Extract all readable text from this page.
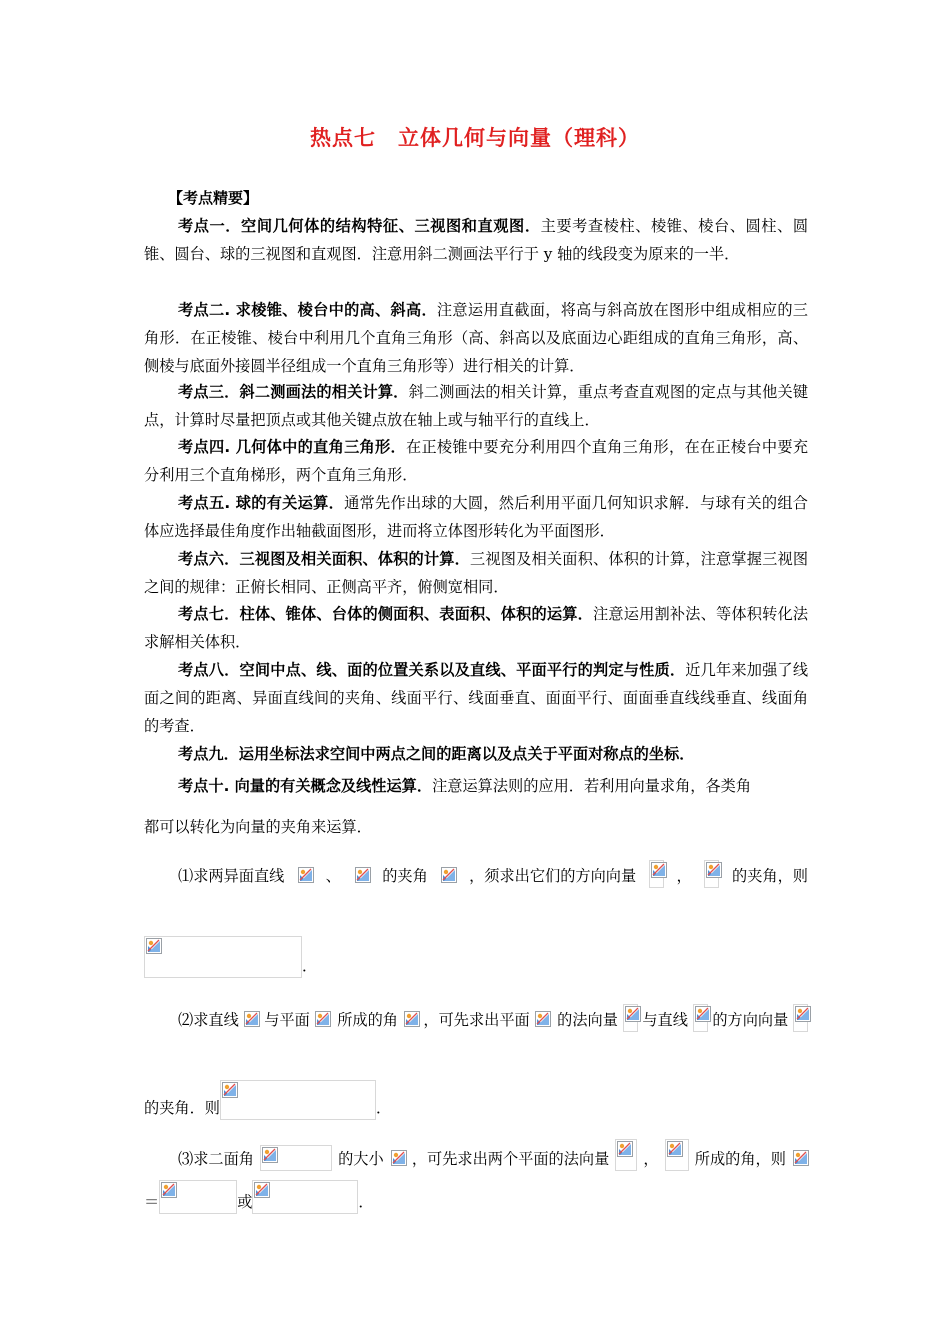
热点七　立体几何与向量（理科）
【考点精要】
考点一．空间几何体的结构特征、三视图和直观图．主要考查棱柱、棱锥、棱台、圆柱、圆锥、圆台、球的三视图和直观图．注意用斜二测画法平行于 y 轴的线段变为原来的一半．
考点二. 求棱锥、棱台中的高、斜高．注意运用直截面，将高与斜高放在图形中组成相应的三角形．在正棱锥、棱台中利用几个直角三角形（高、斜高以及底面边心距组成的直角三角形，高、侧棱与底面外接圆半径组成一个直角三角形等）进行相关的计算．
考点三．斜二测画法的相关计算．斜二测画法的相关计算，重点考查直观图的定点与其他关键点，计算时尽量把顶点或其他关键点放在轴上或与轴平行的直线上．
考点四. 几何体中的直角三角形．在正棱锥中要充分利用四个直角三角形，在在正棱台中要充分利用三个直角梯形，两个直角三角形．
考点五. 球的有关运算．通常先作出球的大圆，然后利用平面几何知识求解．与球有关的组合体应选择最佳角度作出轴截面图形，进而将立体图形转化为平面图形．
考点六．三视图及相关面积、体积的计算．三视图及相关面积、体积的计算，注意掌握三视图之间的规律：正俯长相同、正侧高平齐，俯侧宽相同．
考点七．柱体、锥体、台体的侧面积、表面积、体积的运算．注意运用割补法、等体积转化法求解相关体积．
考点八．空间中点、线、面的位置关系以及直线、平面平行的判定与性质．近几年来加强了线面之间的距离、异面直线间的夹角、线面平行、线面垂直、面面平行、面面垂直线线垂直、线面角的考查．
考点九．运用坐标法求空间中两点之间的距离以及点关于平面对称点的坐标．
考点十. 向量的有关概念及线性运算．注意运算法则的应用．若利用向量求角，各类角
都可以转化为向量的夹角来运算．
⑴求两异面直线	、	的夹角	，须求出它们的方向向量	，	的夹角，则
．
⑵求直线 与平面 所成的角 ，可先求出平面 的法向量 与直线 的方向向量
的夹角．则	．
⑶求二面角	的大小 ，可先求出两个平面的法向量 ， 所成的角，则
＝	或	．
